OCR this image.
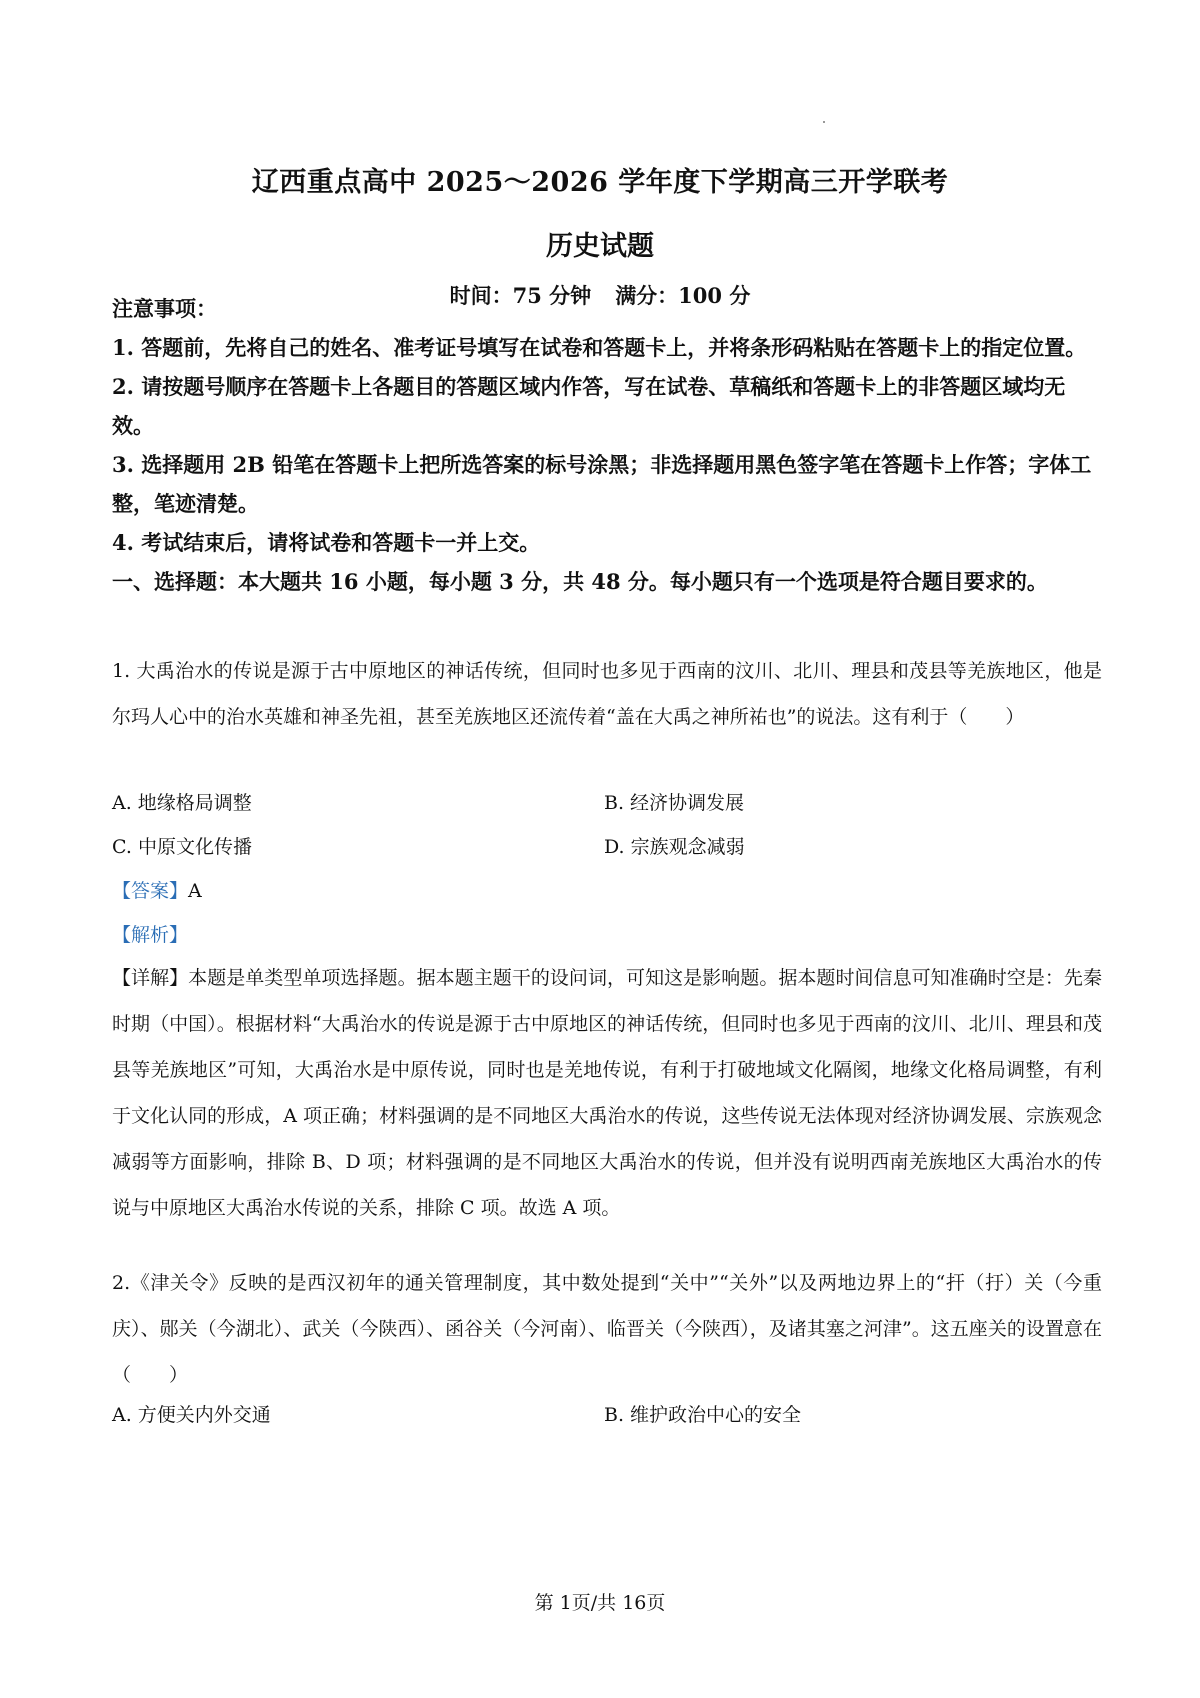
辽西重点高中 2025～2026 学年度下学期高三开学联考
历史试题
时间：75 分钟 满分：100 分

注意事项：

1. 答题前，先将自己的姓名、准考证号填写在试卷和答题卡上，并将条形码粘贴在答题卡上的指定位置。

2. 请按题号顺序在答题卡上各题目的答题区域内作答，写在试卷、草稿纸和答题卡上的非答题区域均无效。

3. 选择题用 2B 铅笔在答题卡上把所选答案的标号涂黑；非选择题用黑色签字笔在答题卡上作答；字体工整，笔迹清楚。

4. 考试结束后，请将试卷和答题卡一并上交。

一、选择题：本大题共 16 小题，每小题 3 分，共 48 分。每小题只有一个选项是符合题目要求的。

1. 大禹治水的传说是源于古中原地区的神话传统，但同时也多见于西南的汶川、北川、理县和茂县等羌族地区，他是尔玛人心中的治水英雄和神圣先祖，甚至羌族地区还流传着“盖在大禹之神所祐也”的说法。这有利于（　　）

A. 地缘格局调整	B. 经济协调发展
C. 中原文化传播	D. 宗族观念减弱
【答案】A
【解析】

【详解】本题是单类型单项选择题。据本题主题干的设问词，可知这是影响题。据本题时间信息可知准确时空是：先秦时期（中国）。根据材料“大禹治水的传说是源于古中原地区的神话传统，但同时也多见于西南的汶川、北川、理县和茂县等羌族地区”可知，大禹治水是中原传说，同时也是羌地传说，有利于打破地域文化隔阂，地缘文化格局调整，有利于文化认同的形成，A 项正确；材料强调的是不同地区大禹治水的传说，这些传说无法体现对经济协调发展、宗族观念减弱等方面影响，排除 B、D 项；材料强调的是不同地区大禹治水的传说，但并没有说明西南羌族地区大禹治水的传说与中原地区大禹治水传说的关系，排除 C 项。故选 A 项。

2.《津关令》反映的是西汉初年的通关管理制度，其中数处提到“关中”“关外”以及两地边界上的“扞（扜）关（今重庆）、郧关（今湖北）、武关（今陕西）、函谷关（今河南）、临晋关（今陕西），及诸其塞之河津”。这五座关的设置意在（　　）

A. 方便关内外交通	B. 维护政治中心的安全
第 1页/共 16页
